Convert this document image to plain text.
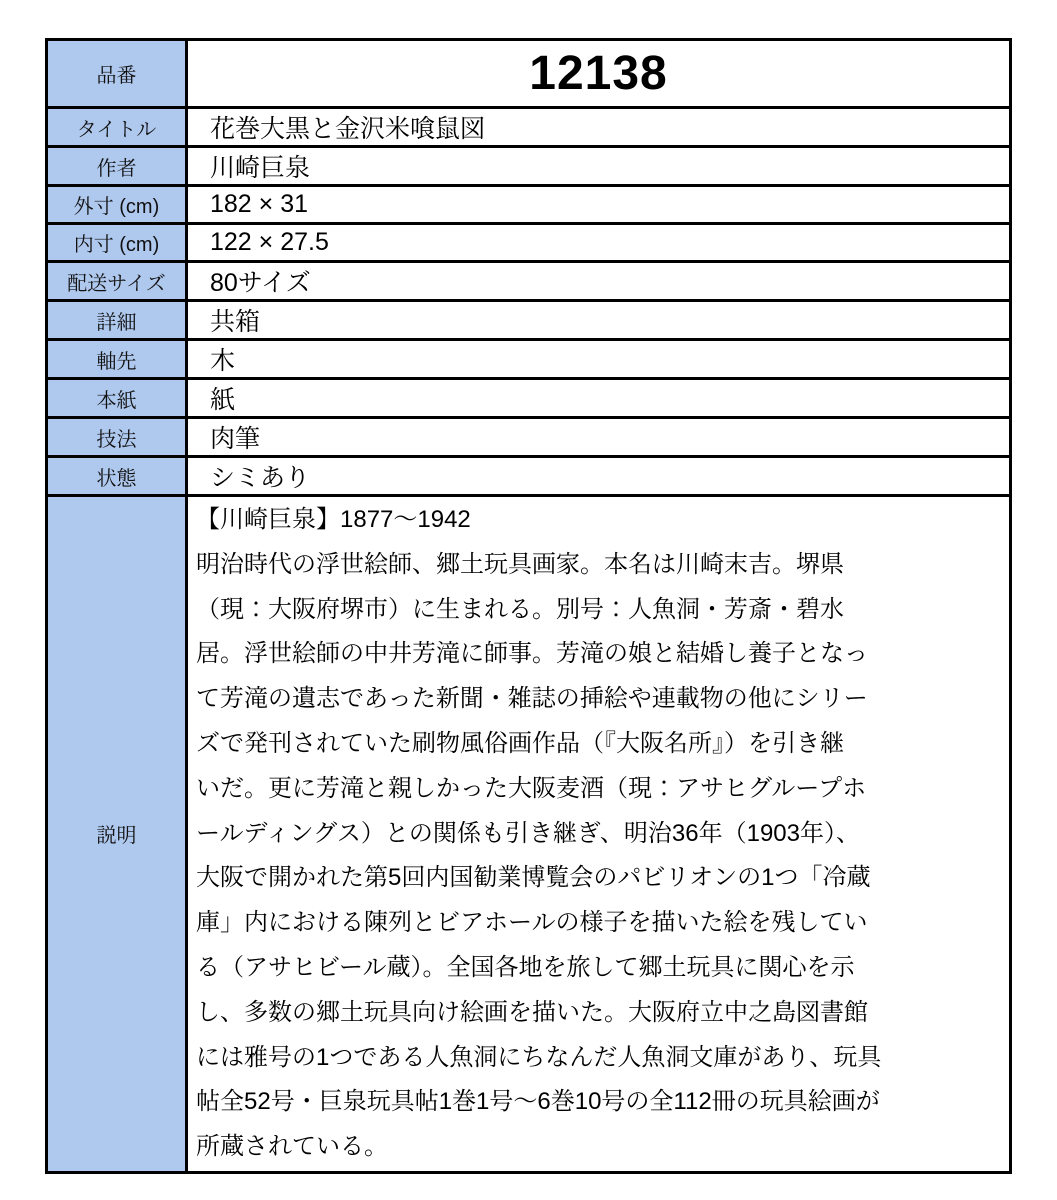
品番	12138
タイトル	花巻大黒と金沢米喰鼠図
作者	川崎巨泉
外寸 (cm)	182 × 31
内寸 (cm)	122 × 27.5
配送サイズ	80サイズ
詳細	共箱
軸先	木
本紙	紙
技法	肉筆
状態	シミあり
説明	
【川崎巨泉】1877～1942
明治時代の浮世絵師、郷土玩具画家。本名は川崎末吉。堺県
（現：大阪府堺市）に生まれる。別号：人魚洞・芳斎・碧水
居。浮世絵師の中井芳滝に師事。芳滝の娘と結婚し養子となっ
て芳滝の遺志であった新聞・雑誌の挿絵や連載物の他にシリー
ズで発刊されていた刷物風俗画作品（『大阪名所』）を引き継
いだ。更に芳滝と親しかった大阪麦酒（現：アサヒグループホ
ールディングス）との関係も引き継ぎ、明治36年（1903年）、
大阪で開かれた第5回内国勧業博覧会のパビリオンの1つ「冷蔵
庫」内における陳列とビアホールの様子を描いた絵を残してい
る（アサヒビール蔵）。全国各地を旅して郷土玩具に関心を示
し、多数の郷土玩具向け絵画を描いた。大阪府立中之島図書館
には雅号の1つである人魚洞にちなんだ人魚洞文庫があり、玩具
帖全52号・巨泉玩具帖1巻1号～6巻10号の全112冊の玩具絵画が
所蔵されている。
